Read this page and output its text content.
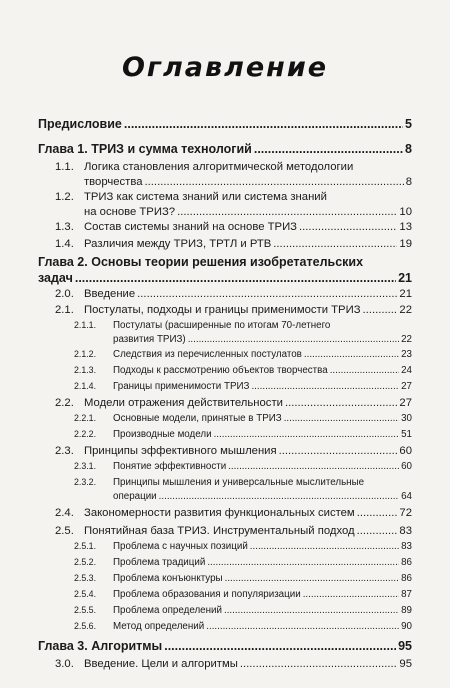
Оглавление
Предисловие .....	5
Глава 1. ТРИЗ и сумма технологий .....	8
1.1. Логика становления алгоритмической методологии
творчества .....	8
1.2. ТРИЗ как система знаний или система знаний
на основе ТРИЗ? .....	10
1.3. Состав системы знаний на основе ТРИЗ .....	13
1.4. Различия между ТРИЗ, ТРТЛ и РТВ .....	19
Глава 2. Основы теории решения изобретательских
задач .....	21
2.0. Введение .....	21
2.1. Постулаты, подходы и границы применимости ТРИЗ .....	22
2.1.1. Постулаты (расширенные по итогам 70-летнего
развития ТРИЗ) .....	22
2.1.2. Следствия из перечисленных постулатов .....	23
2.1.3. Подходы к рассмотрению объектов творчества .....	24
2.1.4. Границы применимости ТРИЗ .....	27
2.2. Модели отражения действительности .....	27
2.2.1. Основные модели, принятые в ТРИЗ .....	30
2.2.2. Производные модели .....	51
2.3. Принципы эффективного мышления .....	60
2.3.1. Понятие эффективности .....	60
2.3.2. Принципы мышления и универсальные мыслительные
операции .....	64
2.4. Закономерности развития функциональных систем .....	72
2.5. Понятийная база ТРИЗ. Инструментальный подход .....	83
2.5.1. Проблема с научных позиций .....	83
2.5.2. Проблема традиций .....	86
2.5.3. Проблема конъюнктуры .....	86
2.5.4. Проблема образования и популяризации .....	87
2.5.5. Проблема определений .....	89
2.5.6. Метод определений .....	90
Глава 3. Алгоритмы .....	95
3.0. Введение. Цели и алгоритмы .....	95
